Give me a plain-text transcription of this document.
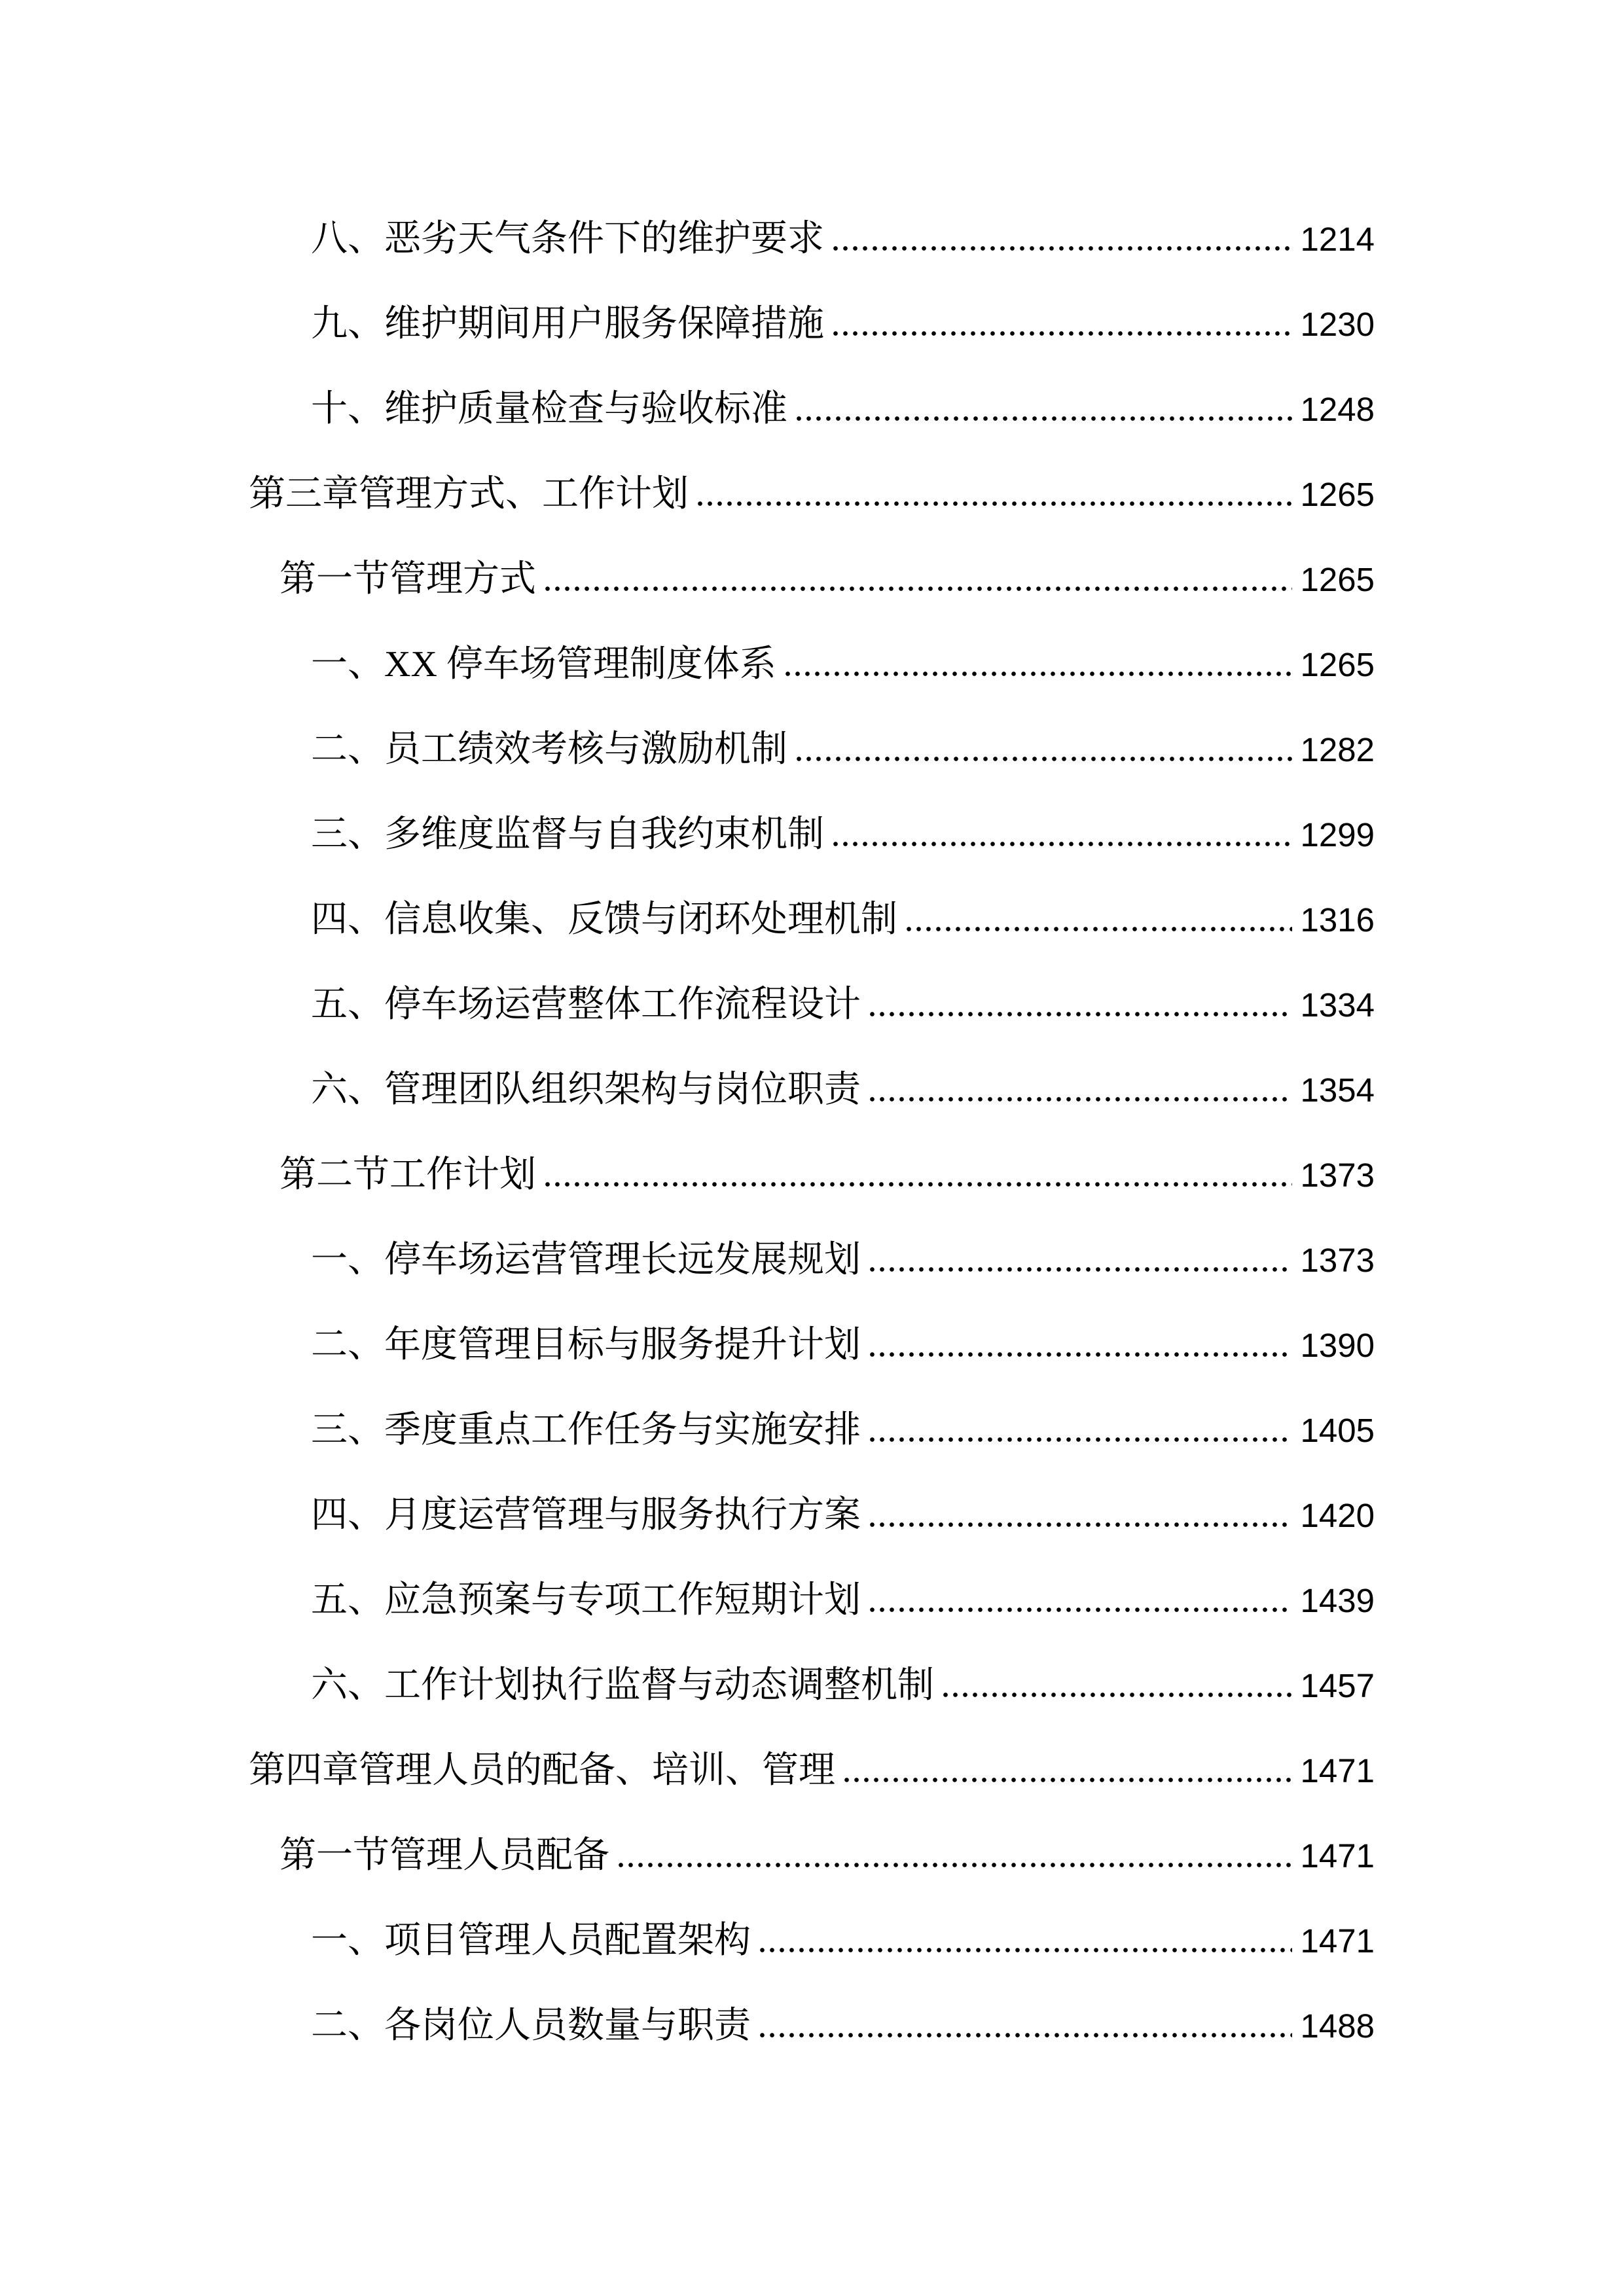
八、恶劣天气条件下的维护要求	1214
九、维护期间用户服务保障措施	1230
十、维护质量检查与验收标准	1248
第三章管理方式、工作计划	1265
第一节管理方式	1265
一、XX 停车场管理制度体系	1265
二、员工绩效考核与激励机制	1282
三、多维度监督与自我约束机制	1299
四、信息收集、反馈与闭环处理机制	1316
五、停车场运营整体工作流程设计	1334
六、管理团队组织架构与岗位职责	1354
第二节工作计划	1373
一、停车场运营管理长远发展规划	1373
二、年度管理目标与服务提升计划	1390
三、季度重点工作任务与实施安排	1405
四、月度运营管理与服务执行方案	1420
五、应急预案与专项工作短期计划	1439
六、工作计划执行监督与动态调整机制	1457
第四章管理人员的配备、培训、管理	1471
第一节管理人员配备	1471
一、项目管理人员配置架构	1471
二、各岗位人员数量与职责	1488
